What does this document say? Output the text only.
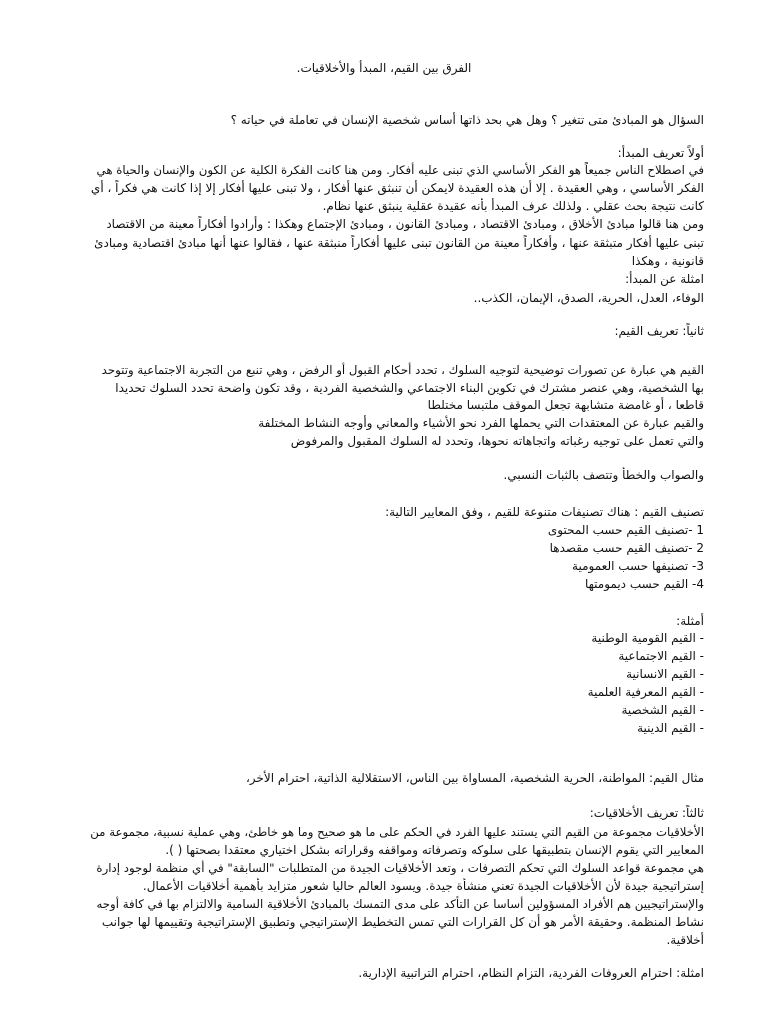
الفرق بين القيم، المبدأ والأخلاقيات.
السؤال هو المبادئ متى تتغير ؟ وهل هي بحد ذاتها أساس شخصية الإنسان في تعاملة في حياته ؟
أولاً تعريف المبدأ:
في اصطلاح الناس جميعاً هو الفكر الأساسي الذي تبنى عليه أفكار. ومن هنا كانت الفكرة الكلية عن الكون والإنسان والحياة هي
الفكر الأساسي ، وهي العقيدة . إلا أن هذه العقيدة لايمكن أن تنبثق عنها أفكار ، ولا تبنى عليها أفكار إلا إذا كانت هي فكراً ، أي
كانت نتيجة بحث عقلي . ولذلك عرف المبدأ بأنه عقيدة عقلية ينبثق عنها نظام.
ومن هنا قالوا مبادئ الأخلاق ، ومبادئ الاقتصاد ، ومبادئ القانون ، ومبادئ الإجتماع وهكذا : وأرادوا أفكاراً معينة من الاقتصاد
تبنى عليها أفكار متبثقة عنها ، وأفكاراً معينة من القانون تبنى عليها أفكاراً منبثقة عنها ، فقالوا عنها أنها مبادئ اقتصادية ومبادئ
قانونية ، وهكذا
امثلة عن المبدأ:
الوفاء، العدل، الحرية، الصدق، الإيمان، الكذب..
ثانياً: تعريف القيم:
القيم هي عبارة عن تصورات توضيحية لتوجيه السلوك ، تحدد أحكام القبول أو الرفض ، وهي تنبع من التجربة الاجتماعية وتتوحد
بها الشخصية، وهي عنصر مشترك في تكوين البناء الاجتماعي والشخصية الفردية ، وقد تكون واضحة تحدد السلوك تحديدا
قاطعا ، أو غامضة متشابهة تجعل الموقف ملتبسا مختلطا
والقيم عبارة عن المعتقدات التي يحملها الفرد نحو الأشياء والمعاني وأوجه النشاط المختلفة
والتي تعمل على توجيه رغباته واتجاهاته نحوها، وتحدد له السلوك المقبول والمرفوض
والصواب والخطأ وتتصف بالثبات النسبي.
تصنيف القيم : هناك تصنيفات متنوعة للقيم ، وفق المعايير التالية:
1 -تصنيف القيم حسب المحتوى
2 -تصنيف القيم حسب مقصدها
3- تصنيفها حسب العمومية
4- القيم حسب ديمومتها
أمثلة:
- القيم القومية الوطنية
- القيم الاجتماعية
- القيم الانسانية
- القيم المعرفية العلمية
- القيم الشخصية
- القيم الدينية
مثال القيم: المواطنة، الحرية الشخصية، المساواة بين الناس، الاستقلالية الذاتية، احترام الأخر،
ثالثاً: تعريف الأخلاقيات:
الأخلاقيات مجموعة من القيم التي يستند عليها الفرد في الحكم على ما هو صحيح وما هو خاطئ، وهي عملية نسبية، مجموعة من
المعايير التي يقوم الإنسان بتطبيقها على سلوكه وتصرفاته ومواقفه وقراراته بشكل اختياري معتقدا بصحتها ( ).
هي مجموعة قواعد السلوك التي تحكم التصرفات ، وتعد الأخلاقيات الجيدة من المتطلبات "السابقة" في أي منظمة لوجود إدارة
إستراتيجية جيدة لأن الأخلاقيات الجيدة تعني منشأة جيدة. ويسود العالم حاليا شعور متزايد بأهمية أخلاقيات الأعمال.
والإستراتيجيين هم الأفراد المسؤولين أساسا عن التأكد على مدى التمسك بالمبادئ الأخلاقية السامية والالتزام بها في كافة أوجه
نشاط المنظمة. وحقيقة الأمر هو أن كل القرارات التي تمس التخطيط الإستراتيجي وتطبيق الإستراتيجية وتقييمها لها جوانب
أخلاقية.
امثلة: احترام العروفات الفردية، التزام النظام، احترام التراتبية الإدارية.
